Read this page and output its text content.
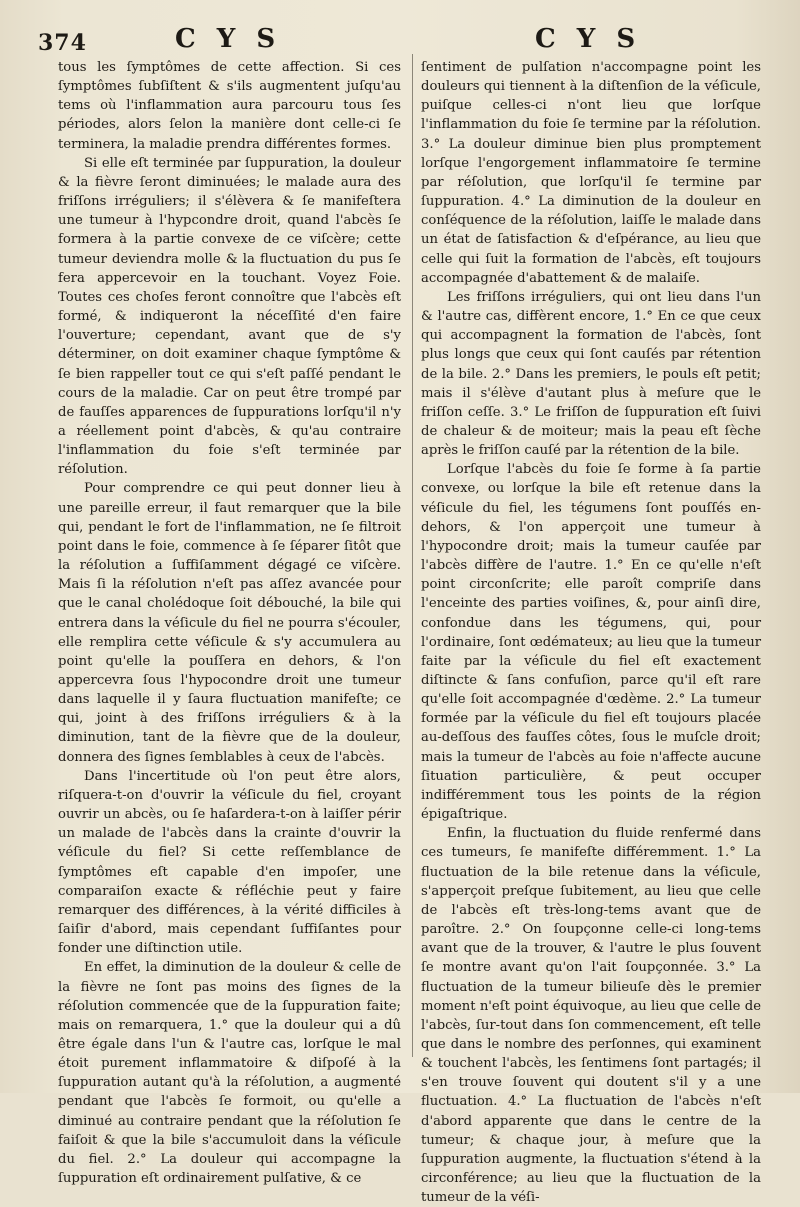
374	C Y S	C Y S

tous les ſymptômes de cette affection. Si ces ſymptômes ſubſiſtent & s'ils augmentent juſqu'au tems où l'inflammation aura parcouru tous ſes périodes, alors ſelon la manière dont celle-ci ſe terminera, la maladie prendra différentes formes.

Si elle eſt terminée par ſuppuration, la douleur & la fièvre ſeront diminuées; le malade aura des friſſons irréguliers; il s'élèvera & ſe manifeſtera une tumeur à l'hypcondre droit, quand l'abcès ſe formera à la partie convexe de ce viſcère; cette tumeur deviendra molle & la fluctuation du pus ſe fera appercevoir en la touchant. Voyez Foie. Toutes ces choſes feront connoître que l'abcès eſt formé, & indiqueront la néceſſité d'en faire l'ouverture; cependant, avant que de s'y déterminer, on doit examiner chaque ſymptôme & ſe bien rappeller tout ce qui s'eſt paſſé pendant le cours de la maladie. Car on peut être trompé par de fauſſes apparences de ſuppurations lorſqu'il n'y a réellement point d'abcès, & qu'au contraire l'inflammation du foie s'eſt terminée par réſolution.

Pour comprendre ce qui peut donner lieu à une pareille erreur, il faut remarquer que la bile qui, pendant le fort de l'inflammation, ne ſe filtroit point dans le foie, commence à ſe ſéparer ſitôt que la réſolution a ſuffiſamment dégagé ce viſcère. Mais ſi la réſolution n'eſt pas aſſez avancée pour que le canal cholédoque ſoit débouché, la bile qui entrera dans la véſicule du fiel ne pourra s'écouler, elle remplira cette véſicule & s'y accumulera au point qu'elle la pouſſera en dehors, & l'on appercevra ſous l'hypocondre droit une tumeur dans laquelle il y ſaura fluctuation manifeſte; ce qui, joint à des friſſons irréguliers & à la diminution, tant de la fièvre que de la douleur, donnera des ſignes ſemblables à ceux de l'abcès.

Dans l'incertitude où l'on peut être alors, riſquera-t-on d'ouvrir la véſicule du fiel, croyant ouvrir un abcès, ou ſe haſardera-t-on à laiſſer périr un malade de l'abcès dans la crainte d'ouvrir la véſicule du fiel? Si cette reſſemblance de ſymptômes eſt capable d'en impoſer, une comparaiſon exacte & réfléchie peut y faire remarquer des différences, à la vérité difficiles à ſaiſir d'abord, mais cependant ſuffiſantes pour fonder une diſtinction utile.

En effet, la diminution de la douleur & celle de la fièvre ne ſont pas moins des ſignes de la réſolution commencée que de la ſuppuration faite; mais on remarquera, 1.° que la douleur qui a dû être égale dans l'un & l'autre cas, lorſque le mal étoit purement inflammatoire & diſpoſé à la ſuppuration autant qu'à la réſolution, a augmenté pendant que l'abcès ſe formoit, ou qu'elle a diminué au contraire pendant que la réſolution ſe faiſoit & que la bile s'accumuloit dans la véſicule du fiel. 2.° La douleur qui accompagne la ſuppuration eſt ordinairement pulſative, & ce

ſentiment de pulſation n'accompagne point les douleurs qui tiennent à la diſtenſion de la véſicule, puiſque celles-ci n'ont lieu que lorſque l'inflammation du foie ſe termine par la réſolution. 3.° La douleur diminue bien plus promptement lorſque l'engorgement inflammatoire ſe termine par réſolution, que lorſqu'il ſe termine par ſuppuration. 4.° La diminution de la douleur en conſéquence de la réſolution, laiſſe le malade dans un état de ſatisfaction & d'eſpérance, au lieu que celle qui ſuit la formation de l'abcès, eſt toujours accompagnée d'abattement & de malaiſe.

Les friſſons irréguliers, qui ont lieu dans l'un & l'autre cas, diffèrent encore, 1.° En ce que ceux qui accompagnent la formation de l'abcès, ſont plus longs que ceux qui ſont cauſés par rétention de la bile. 2.° Dans les premiers, le pouls eſt petit; mais il s'élève d'autant plus à meſure que le friſſon ceſſe. 3.° Le friſſon de ſuppuration eſt ſuivi de chaleur & de moiteur; mais la peau eſt ſèche après le friſſon cauſé par la rétention de la bile.

Lorſque l'abcès du foie ſe forme à ſa partie convexe, ou lorſque la bile eſt retenue dans la véſicule du fiel, les tégumens ſont pouſſés en-dehors, & l'on apperçoit une tumeur à l'hypocondre droit; mais la tumeur cauſée par l'abcès diffère de l'autre. 1.° En ce qu'elle n'eſt point circonſcrite; elle paroît compriſe dans l'enceinte des parties voiſines, &, pour ainſi dire, confondue dans les tégumens, qui, pour l'ordinaire, ſont œdémateux; au lieu que la tumeur faite par la véſicule du fiel eſt exactement diſtincte & ſans confuſion, parce qu'il eſt rare qu'elle ſoit accompagnée d'œdème. 2.° La tumeur formée par la véſicule du fiel eſt toujours placée au-deſſous des fauſſes côtes, ſous le muſcle droit; mais la tumeur de l'abcès au foie n'affecte aucune ſituation particulière, & peut occuper indifféremment tous les points de la région épigaſtrique.

Enfin, la fluctuation du fluide renfermé dans ces tumeurs, ſe manifeſte différemment. 1.° La fluctuation de la bile retenue dans la véſicule, s'apperçoit preſque ſubitement, au lieu que celle de l'abcès eſt très-long-tems avant que de paroître. 2.° On ſoupçonne celle-ci long-tems avant que de la trouver, & l'autre le plus ſouvent ſe montre avant qu'on l'ait ſoupçonnée. 3.° La fluctuation de la tumeur bilieuſe dès le premier moment n'eſt point équivoque, au lieu que celle de l'abcès, ſur-tout dans ſon commencement, eſt telle que dans le nombre des perſonnes, qui examinent & touchent l'abcès, les ſentimens ſont partagés; il s'en trouve ſouvent qui doutent s'il y a une fluctuation. 4.° La fluctuation de l'abcès n'eſt d'abord apparente que dans le centre de la tumeur; & chaque jour, à meſure que la ſuppuration augmente, la fluctuation s'étend à la circonférence; au lieu que la fluctuation de la tumeur de la véſi-
